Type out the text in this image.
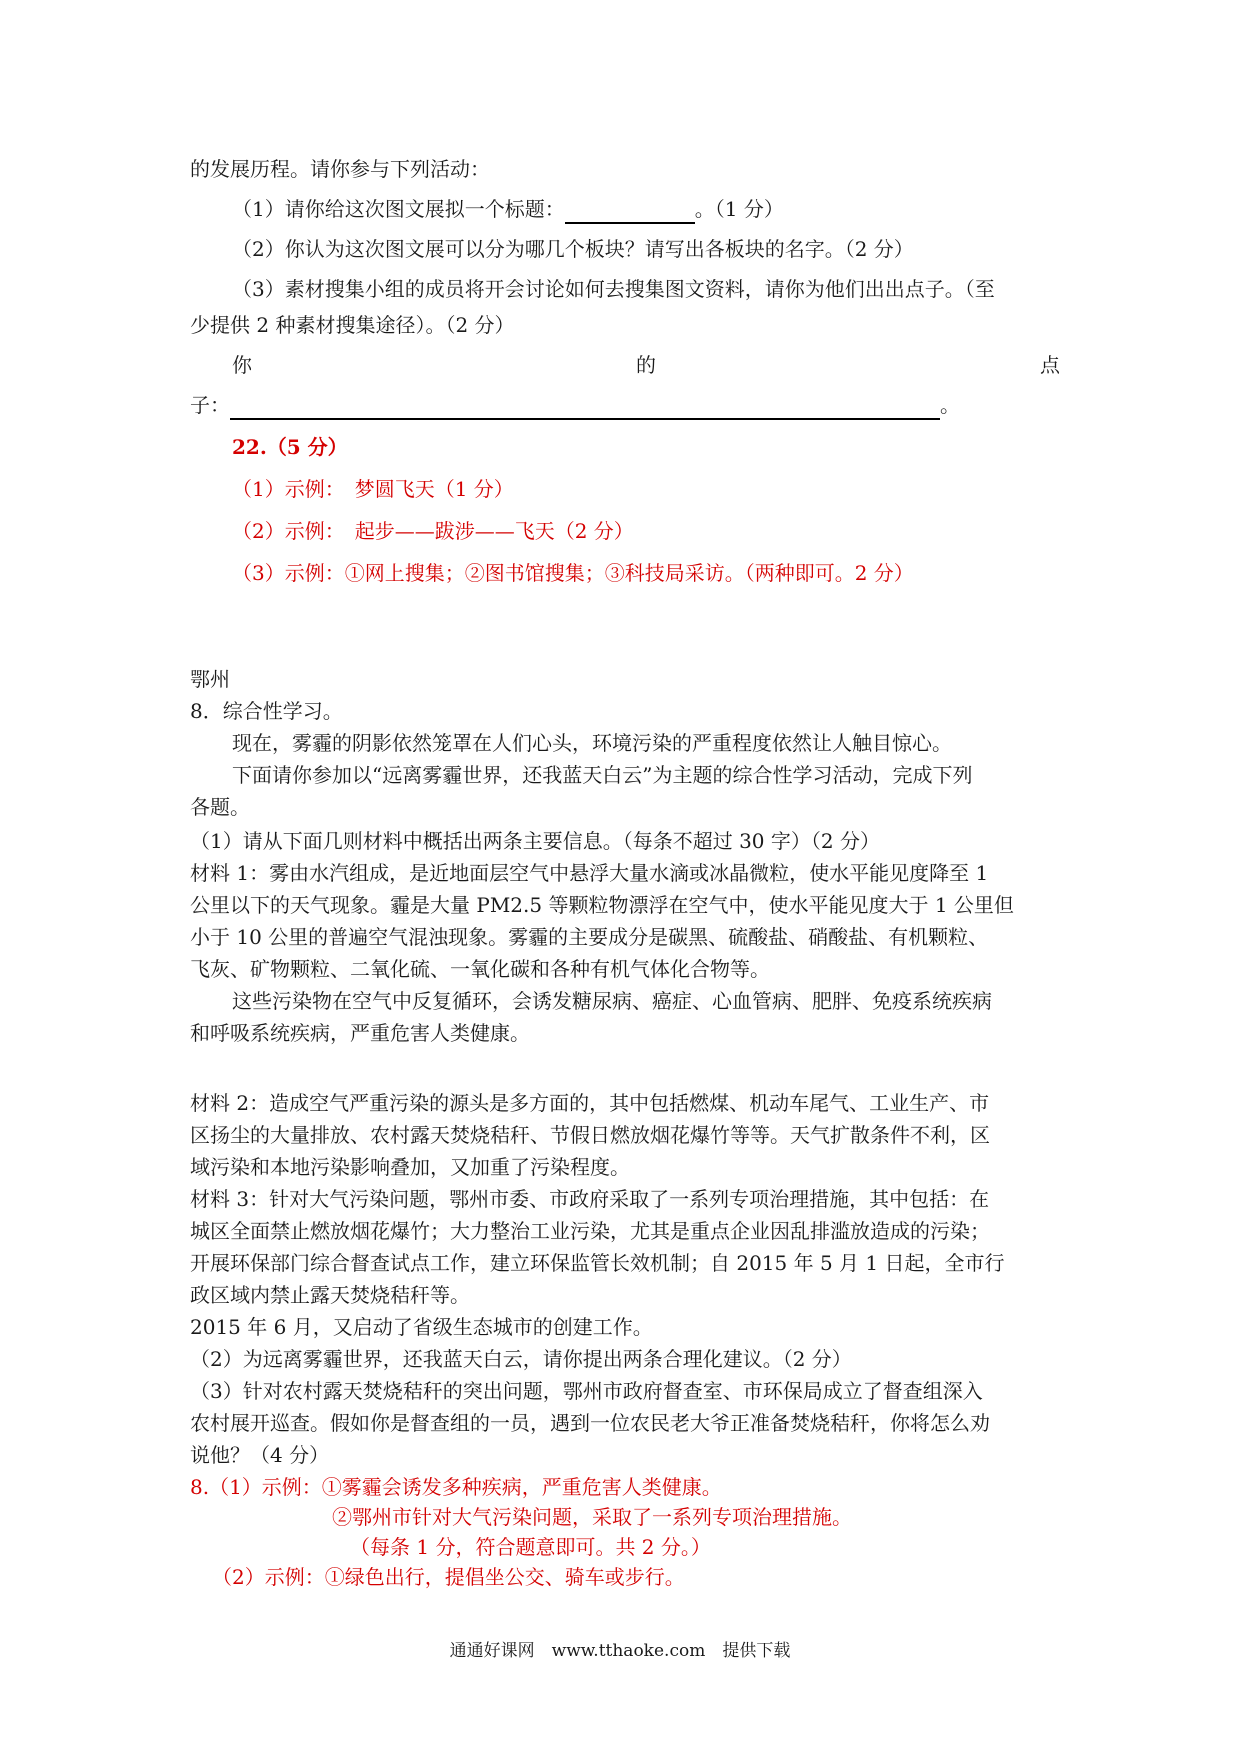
的发展历程。请你参与下列活动：
（1）请你给这次图文展拟一个标题：	。（1 分）
（2）你认为这次图文展可以分为哪几个板块？请写出各板块的名字。（2 分）
（3）素材搜集小组的成员将开会讨论如何去搜集图文资料，请你为他们出出点子。（至
少提供 2 种素材搜集途径）。（2 分）
你	的	点
子：	。
22.（5 分）
（1）示例：　梦圆飞天（1 分）
（2）示例：　起步——跋涉——飞天（2 分）
（3）示例：①网上搜集；②图书馆搜集；③科技局采访。（两种即可。2 分）
鄂州
8．综合性学习。
现在，雾霾的阴影依然笼罩在人们心头，环境污染的严重程度依然让人触目惊心。
下面请你参加以“远离雾霾世界，还我蓝天白云”为主题的综合性学习活动，完成下列
各题。
（1）请从下面几则材料中概括出两条主要信息。（每条不超过 30 字）（2 分）
材料 1：雾由水汽组成，是近地面层空气中悬浮大量水滴或冰晶微粒，使水平能见度降至 1
公里以下的天气现象。霾是大量 PM2.5 等颗粒物漂浮在空气中，使水平能见度大于 1 公里但
小于 10 公里的普遍空气混浊现象。雾霾的主要成分是碳黑、硫酸盐、硝酸盐、有机颗粒、
飞灰、矿物颗粒、二氧化硫、一氧化碳和各种有机气体化合物等。
这些污染物在空气中反复循环，会诱发糖尿病、癌症、心血管病、肥胖、免疫系统疾病
和呼吸系统疾病，严重危害人类健康。
材料 2：造成空气严重污染的源头是多方面的，其中包括燃煤、机动车尾气、工业生产、市
区扬尘的大量排放、农村露天焚烧秸秆、节假日燃放烟花爆竹等等。天气扩散条件不利，区
域污染和本地污染影响叠加，又加重了污染程度。
材料 3：针对大气污染问题，鄂州市委、市政府采取了一系列专项治理措施，其中包括：在
城区全面禁止燃放烟花爆竹；大力整治工业污染，尤其是重点企业因乱排滥放造成的污染；
开展环保部门综合督查试点工作，建立环保监管长效机制；自 2015 年 5 月 1 日起，全市行
政区域内禁止露天焚烧秸秆等。
2015 年 6 月，又启动了省级生态城市的创建工作。
（2）为远离雾霾世界，还我蓝天白云，请你提出两条合理化建议。（2 分）
（3）针对农村露天焚烧秸秆的突出问题，鄂州市政府督查室、市环保局成立了督查组深入
农村展开巡查。假如你是督查组的一员，遇到一位农民老大爷正准备焚烧秸秆，你将怎么劝
说他？（4 分）
8.（1）示例：①雾霾会诱发多种疾病，严重危害人类健康。
②鄂州市针对大气污染问题，采取了一系列专项治理措施。
（每条 1 分，符合题意即可。共 2 分。）
（2）示例：①绿色出行，提倡坐公交、骑车或步行。
通通好课网　www.tthaoke.com　提供下载
